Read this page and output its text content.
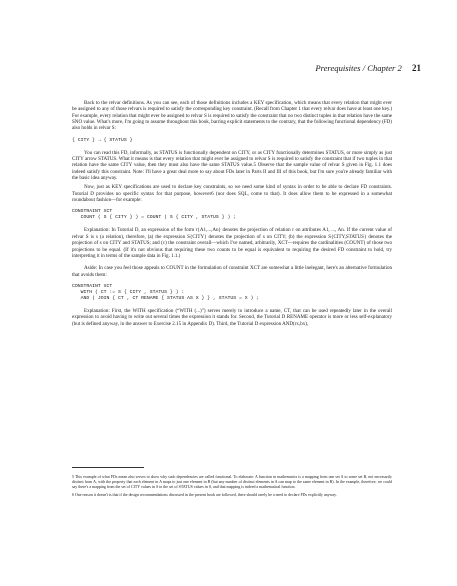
Prerequisites / Chapter 2 21

Back to the relvar definitions. As you can see, each of those definitions includes a KEY specification, which means that every relation that might ever be assigned to any of those relvars is required to satisfy the corresponding key constraint. (Recall from Chapter 1 that every relvar does have at least one key.) For example, every relation that might ever be assigned to relvar S is required to satisfy the constraint that no two distinct tuples in that relation have the same SNO value. What's more, I'm going to assume throughout this book, barring explicit statements to the contrary, that the following functional dependency (FD) also holds in relvar S:

{ CITY } → { STATUS }

You can read this FD, informally, as STATUS is functionally dependent on CITY, or as CITY functionally determines STATUS, or more simply as just CITY arrow STATUS. What it means is that every relation that might ever be assigned to relvar S is required to satisfy the constraint that if two tuples in that relation have the same CITY value, then they must also have the same STATUS value.5 Observe that the sample value of relvar S given in Fig. 1.1 does indeed satisfy this constraint. Note: I'll have a great deal more to say about FDs later in Parts II and III of this book, but I'm sure you're already familiar with the basic idea anyway.

Now, just as KEY specifications are used to declare key constraints, so we need some kind of syntax in order to be able to declare FD constraints. Tutorial D provides no specific syntax for that purpose, however6 (nor does SQL, come to that). It does allow them to be expressed in a somewhat roundabout fashion—for example:

CONSTRAINT XCT
COUNT ( S { CITY } ) = COUNT ( S { CITY , STATUS } ) ;

Explanation: In Tutorial D, an expression of the form r{A1,...,An} denotes the projection of relation r on attributes A1, ..., An. If the current value of relvar S is s (a relation), therefore, (a) the expression S{CITY} denotes the projection of s on CITY; (b) the expression S{CITY,STATUS} denotes the projection of s on CITY and STATUS; and (c) the constraint overall—which I've named, arbitrarily, XCT—requires the cardinalities (COUNT) of those two projections to be equal. (If it's not obvious that requiring these two counts to be equal is equivalent to requiring the desired FD constraint to hold, try interpreting it in terms of the sample data in Fig. 1.1.)

Aside: In case you feel those appeals to COUNT in the formulation of constraint XCT are somewhat a little inelegant, here's an alternative formulation that avoids them:

CONSTRAINT XCT
WITH ( CT := S { CITY , STATUS } ) :
AND ( JOIN { CT , CT RENAME { STATUS AS X } } , STATUS = X ) ;

Explanation: First, the WITH specification (“WITH (...)”) serves merely to introduce a name, CT, that can be used repeatedly later in the overall expression to avoid having to write out several times the expression it stands for. Second, the Tutorial D RENAME operator is more or less self-explanatory (but is defined anyway, in the answer to Exercise 2.15 in Appendix D). Third, the Tutorial D expression AND(rx,bx),

5 This example of what FDs mean also serves to show why such dependencies are called functional. To elaborate: A function in mathematics is a mapping from one set A to some set B, not necessarily distinct from A, with the property that each element in A maps to just one element in B (but any number of distinct elements in A can map to the same element in B). In the example, therefore, we could say there's a mapping from the set of CITY values in S to the set of STATUS values in S, and that mapping is indeed a mathematical function.

6 One reason it doesn't is that if the design recommendations discussed in the present book are followed, there should rarely be a need to declare FDs explicitly anyway.
